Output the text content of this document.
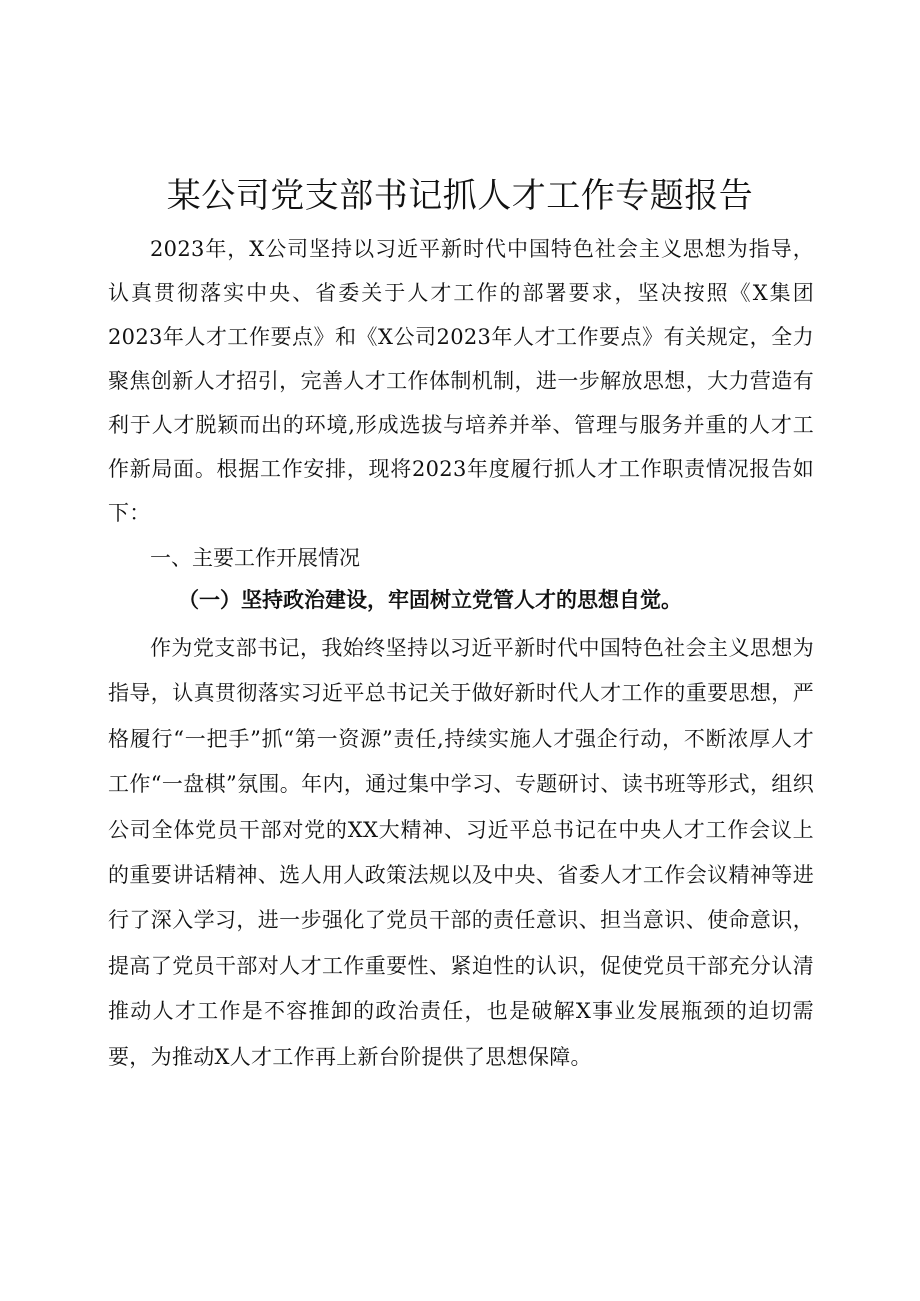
某公司党支部书记抓人才工作专题报告

2023年，X公司坚持以习近平新时代中国特色社会主义思想为指导，认真贯彻落实中央、省委关于人才工作的部署要求，坚决按照《X集团2023年人才工作要点》和《X公司2023年人才工作要点》有关规定，全力聚焦创新人才招引，完善人才工作体制机制，进一步解放思想，大力营造有利于人才脱颖而出的环境,形成选拔与培养并举、管理与服务并重的人才工作新局面。根据工作安排，现将2023年度履行抓人才工作职责情况报告如下：

一、主要工作开展情况
（一）坚持政治建设，牢固树立党管人才的思想自觉。

作为党支部书记，我始终坚持以习近平新时代中国特色社会主义思想为指导，认真贯彻落实习近平总书记关于做好新时代人才工作的重要思想，严格履行“一把手”抓“第一资源”责任,持续实施人才强企行动，不断浓厚人才工作“一盘棋”氛围。年内，通过集中学习、专题研讨、读书班等形式，组织公司全体党员干部对党的XX大精神、习近平总书记在中央人才工作会议上的重要讲话精神、选人用人政策法规以及中央、省委人才工作会议精神等进行了深入学习，进一步强化了党员干部的责任意识、担当意识、使命意识，提高了党员干部对人才工作重要性、紧迫性的认识，促使党员干部充分认清推动人才工作是不容推卸的政治责任，也是破解X事业发展瓶颈的迫切需要，为推动X人才工作再上新台阶提供了思想保障。
